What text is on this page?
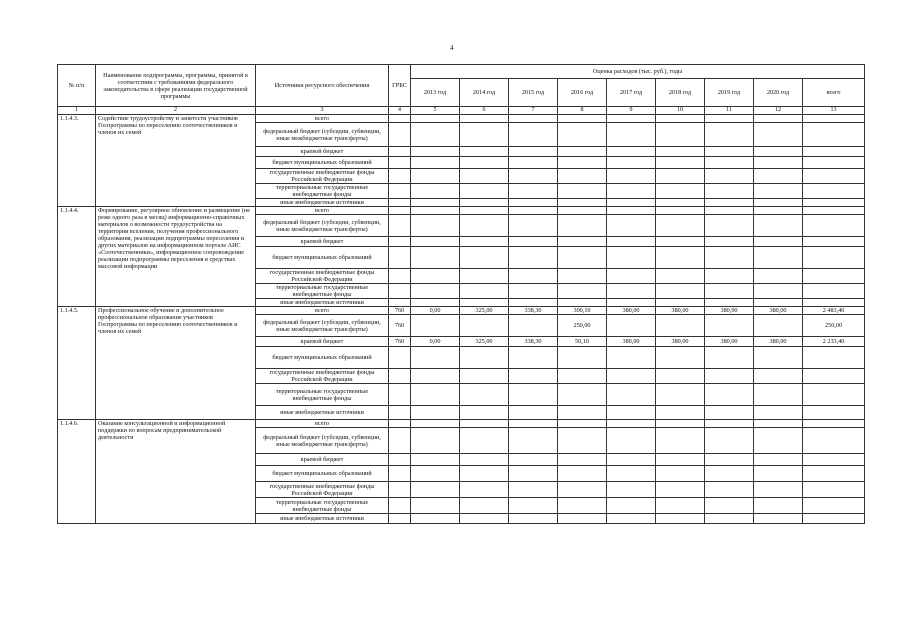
4
№ п/п	Наименование подпрограммы, программы, принятой в соответствии с требованиями федерального законодательства в сфере реализации государственной программы	Источники ресурсного обеспечения	ГРБС	Оценка расходов (тыс. руб.), годы								
				2013 год	2014 год	2015 год	2016 год	2017 год	2018 год	2019 год	2020 год	всего
1	2	3	4	5	6	7	8	9	10	11	12	13
1.1.4.3.	Содействие трудоустройству и занятости участников Госпрограммы по переселению соотечественников и членов их семей	всего										
		федеральный бюджет (субсидии, субвенции, иные межбюджетные трансферты)										
		краевой бюджет										
		бюджет муниципальных образований										
		государственные внебюджетные фонды Российской Федерации										
		территориальные государственные внебюджетные фонды										
		иные внебюджетные источники										
1.1.4.4.	Формирование, регулярное обновление и размещение (не реже одного раза в месяц) информационно-справочных материалов о возможности трудоустройства на территории вселения, получения профессионального образования, реализации подпрограммы переселения и других материалов на информационном портале АИС «Соотечественники», информационное сопровождение реализации подпрограммы переселения в средствах массовой информации	всего										
		федеральный бюджет (субсидии, субвенции, иные межбюджетные трансферты)										
		краевой бюджет										
		бюджет муниципальных образований										
		государственные внебюджетные фонды Российской Федерации										
		территориальные государственные внебюджетные фонды										
		иные внебюджетные источники										
1.1.4.5.	Профессиональное обучение и дополнительное профессиональное образование участников Госпрограммы по переселению соотечественников и членов их семей	всего	760	0,00	325,00	338,30	300,10	380,00	380,00	380,00	380,00	2 483,40
		федеральный бюджет (субсидии, субвенции, иные межбюджетные трансферты)	760				250,00					250,00
		краевой бюджет	760	0,00	325,00	338,30	50,10	380,00	380,00	380,00	380,00	2 233,40
		бюджет муниципальных образований										
		государственные внебюджетные фонды Российской Федерации										
		территориальные государственные внебюджетные фонды										
		иные внебюджетные источники										
1.1.4.6.	Оказание консультационной и информационной поддержки по вопросам предпринимательской деятельности	всего										
		федеральный бюджет (субсидии, субвенции, иные межбюджетные трансферты)										
		краевой бюджет										
		бюджет муниципальных образований										
		государственные внебюджетные фонды Российской Федерации										
		территориальные государственные внебюджетные фонды										
		иные внебюджетные источники										
